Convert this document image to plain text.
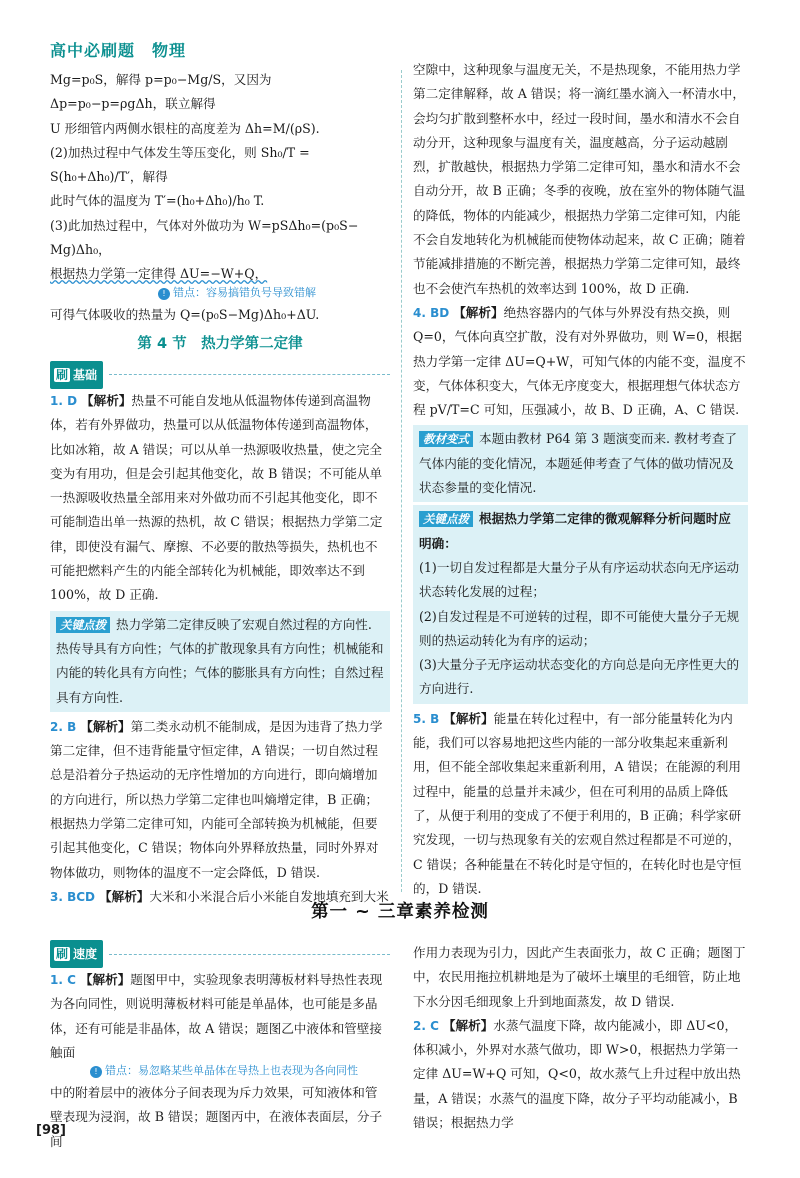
高中必刷题　物理

Mg=p₀S，解得 p=p₀−Mg/S，又因为 Δp=p₀−p=ρgΔh，联立解得

U 形细管内两侧水银柱的高度差为 Δh=M/(ρS).

(2)加热过程中气体发生等压变化，则 Sh₀/T = S(h₀+Δh₀)/T′，解得

此时气体的温度为 T′=(h₀+Δh₀)/h₀ T.

(3)此加热过程中，气体对外做功为 W=pSΔh₀=(p₀S−

Mg)Δh₀，

根据热力学第一定律得 ΔU=−W+Q，

! 错点：容易搞错负号导致错解

可得气体吸收的热量为 Q=(p₀S−Mg)Δh₀+ΔU.

第 4 节　热力学第二定律
刷 基础

1. D 【解析】热量不可能自发地从低温物体传递到高温物体，若有外界做功，热量可以从低温物体传递到高温物体，比如冰箱，故 A 错误；可以从单一热源吸收热量，使之完全变为有用功，但是会引起其他变化，故 B 错误；不可能从单一热源吸收热量全部用来对外做功而不引起其他变化，即不可能制造出单一热源的热机，故 C 错误；根据热力学第二定律，即使没有漏气、摩擦、不必要的散热等损失，热机也不可能把燃料产生的内能全部转化为机械能，即效率达不到 100%，故 D 正确.

关键点拨 热力学第二定律反映了宏观自然过程的方向性. 热传导具有方向性；气体的扩散现象具有方向性；机械能和内能的转化具有方向性；气体的膨胀具有方向性；自然过程具有方向性.

2. B 【解析】第二类永动机不能制成，是因为违背了热力学第二定律，但不违背能量守恒定律，A 错误；一切自然过程总是沿着分子热运动的无序性增加的方向进行，即向熵增加的方向进行，所以热力学第二定律也叫熵增定律，B 正确；根据热力学第二定律可知，内能可全部转换为机械能，但要引起其他变化，C 错误；物体向外界释放热量，同时外界对物体做功，则物体的温度不一定会降低，D 错误.

3. BCD 【解析】大米和小米混合后小米能自发地填充到大米

空隙中，这种现象与温度无关，不是热现象，不能用热力学第二定律解释，故 A 错误；将一滴红墨水滴入一杯清水中，会均匀扩散到整杯水中，经过一段时间，墨水和清水不会自动分开，这种现象与温度有关，温度越高，分子运动越剧烈，扩散越快，根据热力学第二定律可知，墨水和清水不会自动分开，故 B 正确；冬季的夜晚，放在室外的物体随气温的降低，物体的内能减少，根据热力学第二定律可知，内能不会自发地转化为机械能而使物体动起来，故 C 正确；随着节能减排措施的不断完善，根据热力学第二定律可知，最终也不会使汽车热机的效率达到 100%，故 D 正确.

4. BD 【解析】绝热容器内的气体与外界没有热交换，则 Q=0，气体向真空扩散，没有对外界做功，则 W=0，根据热力学第一定律 ΔU=Q+W，可知气体的内能不变，温度不变，气体体积变大，气体无序度变大，根据理想气体状态方程 pV/T=C 可知，压强减小，故 B、D 正确，A、C 错误.

教材变式 本题由教材 P64 第 3 题演变而来. 教材考查了气体内能的变化情况，本题延伸考查了气体的做功情况及状态参量的变化情况.
关键点拨 根据热力学第二定律的微观解释分析问题时应明确：
(1)一切自发过程都是大量分子从有序运动状态向无序运动状态转化发展的过程；
(2)自发过程是不可逆转的过程，即不可能使大量分子无规则的热运动转化为有序的运动；
(3)大量分子无序运动状态变化的方向总是向无序性更大的方向进行.

5. B 【解析】能量在转化过程中，有一部分能量转化为内能，我们可以容易地把这些内能的一部分收集起来重新利用，但不能全部收集起来重新利用，A 错误；在能源的利用过程中，能量的总量并未减少，但在可利用的品质上降低了，从便于利用的变成了不便于利用的，B 正确；科学家研究发现，一切与热现象有关的宏观自然过程都是不可逆的，C 错误；各种能量在不转化时是守恒的，在转化时也是守恒的，D 错误.

第一 ~ 三章素养检测
刷 速度

1. C 【解析】题图甲中，实验现象表明薄板材料导热性表现为各向同性，则说明薄板材料可能是单晶体，也可能是多晶体，还有可能是非晶体，故 A 错误；题图乙中液体和管壁接触面

! 错点：易忽略某些单晶体在导热上也表现为各向同性

中的附着层中的液体分子间表现为斥力效果，可知液体和管壁表现为浸润，故 B 错误；题图丙中，在液体表面层，分子间

作用力表现为引力，因此产生表面张力，故 C 正确；题图丁中，农民用拖拉机耕地是为了破坏土壤里的毛细管，防止地下水分因毛细现象上升到地面蒸发，故 D 错误.

2. C 【解析】水蒸气温度下降，故内能减小，即 ΔU<0，体积减小，外界对水蒸气做功，即 W>0，根据热力学第一定律 ΔU=W+Q 可知，Q<0，故水蒸气上升过程中放出热量，A 错误；水蒸气的温度下降，故分子平均动能减小，B 错误；根据热力学

[98]
